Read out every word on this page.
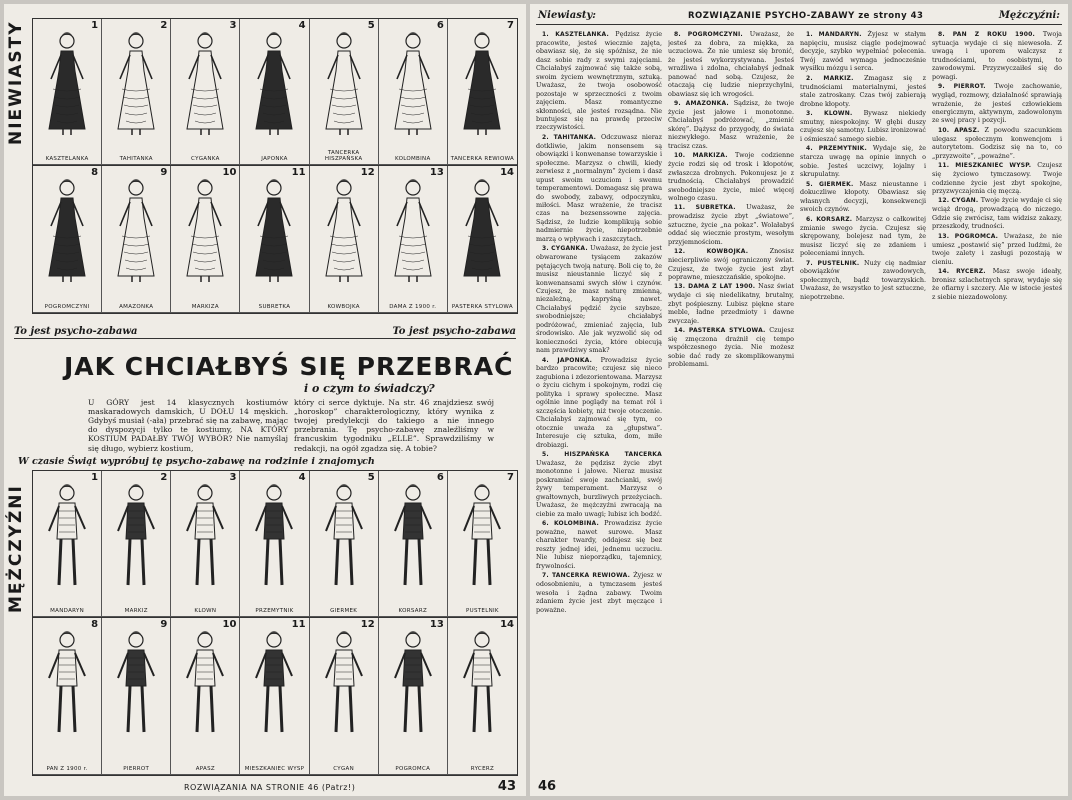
NIEWIASTY	1
KASZTELANKA
2
TAHITANKA
3
CYGANKA
4
JAPONKA
5
TANCERKA HISZPAŃSKA
6
KOLOMBINA
7
TANCERKA REWIOWA
8
POGROMCZYNI
9
AMAZONKA
10
MARKIZA
11
SUBRETKA
12
KOWBOJKA
13
DAMA Z 1900 r.
14
PASTERKA STYLOWA
To jest psycho-zabawa	To jest psycho-zabawa
JAK CHCIAŁBYŚ SIĘ PRZEBRAĆ
i o czym to świadczy?
U GÓRY jest 14 klasycznych kostiumów maskaradowych damskich, U DOŁU 14 męskich. Gdybyś musiał (-ała) przebrać się na zabawę, mając do dyspozycji tylko te kostiumy, NA KTÓRY KOSTIUM PADAŁBY TWÓJ WYBÓR? Nie namyślaj się długo, wybierz kostium,
który ci serce dyktuje. Na str. 46 znajdziesz swój „horoskop” charakterologiczny, który wynika z twojej predylekcji do takiego a nie innego przebrania. Tę psycho-zabawę znaleźliśmy w francuskim tygodniku „ELLE”. Sprawdziliśmy w redakcji, na ogół zgadza się. A tobie?
W czasie Świąt wypróbuj tę psycho-zabawę na rodzinie i znajomych
MĘŻCZYŹNI
1
MANDARYN
2
MARKIZ
3
KLOWN
4
PRZEMYTNIK
5
GIERMEK
6
KORSARZ
7
PUSTELNIK
8
PAN Z 1900 r.
9
PIERROT
10
APASZ
11
MIESZKANIEC WYSP
12
CYGAN
13
POGROMCA
14
RYCERZ
ROZWIĄZANIA NA STRONIE 46 (Patrz!)	43
Niewiasty:	ROZWIĄZANIE PSYCHO-ZABAWY ze strony 43	Mężczyźni:

1. KASZTELANKA. Pędzisz życie pracowite, jesteś wiecznie zajęta, obawiasz się, że się spóźnisz, że nie dasz sobie rady z swymi zajęciami. Chciałabyś zajmować się także sobą, swoim życiem wewnętrznym, sztuką. Uważasz, że twoja osobowość pozostaje w sprzeczności z twoim zajęciem. Masz romantyczne skłonności, ale jesteś rozsądna. Nie buntujesz się na prawdę przeciw rzeczywistości.

2. TAHITANKA. Odczuwasz nieraz dotkliwie, jakim nonsensem są obowiązki i konwenanse towarzyskie i społeczne. Marzysz o chwili, kiedy zerwiesz z „normalnym” życiem i dasz upust swoim uczuciom i swemu temperamentowi. Domagasz się prawa do swobody, zabawy, odpoczynku, miłości. Masz wrażenie, że tracisz czas na bezsenssowne zajęcia. Sądzisz, że ludzie komplikują sobie nadmiernie życie, niepotrzebnie marzą o wpływach i zaszczytach.

3. CYGANKA. Uważasz, że życie jest obwarowane tysiącem zakazów pętających twoją naturę. Boli cię to, że musisz nieustannie liczyć się z konwenansami swych słów i czynów. Czujesz, że masz naturę zmienną, niezależną, kapryśną nawet. Chciałabyś pędzić życie szybsze, swobodniejsze; chciałabyś podróżować, zmieniać zajęcia, lub środowisko. Ale jak wyzwolić się od konieczności życia, które obiecują nam prawdziwy smak?

4. JAPONKA. Prowadzisz życie bardzo pracowite; czujesz się nieco zagubiona i zdezorientowana. Marzysz o życiu cichym i spokojnym, rodzi cię polityka i sprawy społeczne. Masz ogólnie inne poglądy na temat ról i szczęścia kobiety, niż twoje otoczenie. Chciałabyś zajmować się tym, co otocznie uważa za „głupstwa”. Interesuje cię sztuka, dom, miłe drobiazgi.

5. HISZPAŃSKA TANCERKA Uważasz, że pędzisz życie zbyt monotonne i jałowe. Nieraz musisz poskramiać swoje zachcianki, swój żywy temperament. Marzysz o gwałtownych, burzliwych przeżyciach. Uważasz, że mężczyźni zwracają na ciebie za mało uwagi; lubisz ich bodźć.

6. KOLOMBINA. Prowadzisz życie poważne, nawet surowe. Masz charakter twardy, oddajesz się bez reszty jednej idei, jednemu uczuciu. Nie lubisz nieporządku, tajemnicy, frywolności.

7. TANCERKA REWIOWA. Żyjesz w odosobnieniu, a tymczasem jesteś wesoła i żądna zabawy. Twoim zdaniem życie jest zbyt męczące i poważne.

8. POGROMCZYNI. Uważasz, że jesteś za dobra, za miękka, za uczuciowa. Że nie umiesz się bronić, że jesteś wykorzystywana. Jesteś wrażliwa i zdolna, chciałabyś jednak panować nad sobą. Czujesz, że otaczają cię ludzie nieprzychylni, obawiasz się ich wrogości.

9. AMAZONKA. Sądzisz, że twoje życie jest jałowe i monotonne. Chciałabyś podróżować, „zmienić skórę”. Dążysz do przygody, do świata niezwykłego. Masz wrażenie, że tracisz czas.

10. MARKIZA. Twoje codzienne życie rodzi się od trosk i kłopotów, zwłaszcza drobnych. Pokonujesz je z trudnością. Chciałabyś prowadzić swobodniejsze życie, mieć więcej wolnego czasu.

11. SUBRETKA. Uważasz, że prowadzisz życie zbyt „światowe”, sztuczne, życie „na pokaz”. Wolałabyś oddać się wiecznie prostym, wesołym przyjemnościom.

12. KOWBOJKA. Znosisz niecierpliwie swój ograniczony świat. Czujesz, że twoje życie jest zbyt poprawne, mieszczańskie, spokojne.

13. DAMA Z LAT 1900. Nasz świat wydaje ci się niedelikatny, brutalny, zbyt pośpieszny. Lubisz piękne stare meble, ładne przedmioty i dawne zwyczaje.

14. PASTERKA STYLOWA. Czujesz się zmęczona drażnił cię tempo współczesnego życia. Nie możesz sobie dać rady ze skomplikowanymi problemami.

1. MANDARYN. Żyjesz w stałym napięciu, musisz ciągle podejmować decyzje, szybko wypełniać polecenia. Twój zawód wymaga jednocześnie wysiłku mózgu i serca.

2. MARKIZ. Zmagasz się z trudnościami materialnymi, jesteś stale zatroskany. Czas twój zabierają drobne kłopoty.

3. KLOWN. Bywasz niekiedy smutny, niespokojny. W głębi duszy czujesz się samotny. Lubisz ironizować i ośmieszać samego siebie.

4. PRZEMYTNIK. Wydaje się, że starcza uwagę na opinie innych o sobie. Jesteś uczciwy, lojalny i skrupulatny.

5. GIERMEK. Masz nieustanne i dokuczliwe kłopoty. Obawiasz się własnych decyzji, konsekwencji swoich czynów.

6. KORSARZ. Marzysz o całkowitej zmianie swego życia. Czujesz się skrępowany, bolejesz nad tym, że musisz liczyć się ze zdaniem i poleceniami innych.

7. PUSTELNIK. Nuży cię nadmiar obowiązków zawodowych, społecznych, bądź towarzyskich. Uważasz, że wszystko to jest sztuczne, niepotrzebne.

8. PAN Z ROKU 1900. Twoja sytuacja wydaje ci się niewesoła. Z uwagą i uporem walczysz z trudnościami, to osobistymi, to zawodowymi. Przyzwyczaiłeś się do powagi.

9. PIERROT. Twoje zachowanie, wygląd, rozmowy, działalność sprawiają wrażenie, że jesteś człowiekiem energicznym, aktywnym, zadowolonym ze swej pracy i pozycji.

10. APASZ. Z powodu szacunkiem ulegasz społecznym konwencjom i autorytetom. Godzisz się na to, co „przyzwoite”, „poważne”.

11. MIESZKANIEC WYSP. Czujesz się życiowo tymczasowy. Twoje codzienne życie jest zbyt spokojne, przyzwyczajenia cię męczą.

12. CYGAN. Twoje życie wydaje ci się wciąż drogą, prowadzącą do niczego. Gdzie się zwrócisz, tam widzisz zakazy, przeszkody, trudności.

13. POGROMCA. Uważasz, że nie umiesz „postawić się” przed ludźmi, że twoje zalety i zasługi pozostają w cieniu.

14. RYCERZ. Masz swoje ideały, bronisz szlachetnych spraw, wydaje się że ofiarny i szczery. Ale w istocie jesteś z siebie niezadowolony.

46
